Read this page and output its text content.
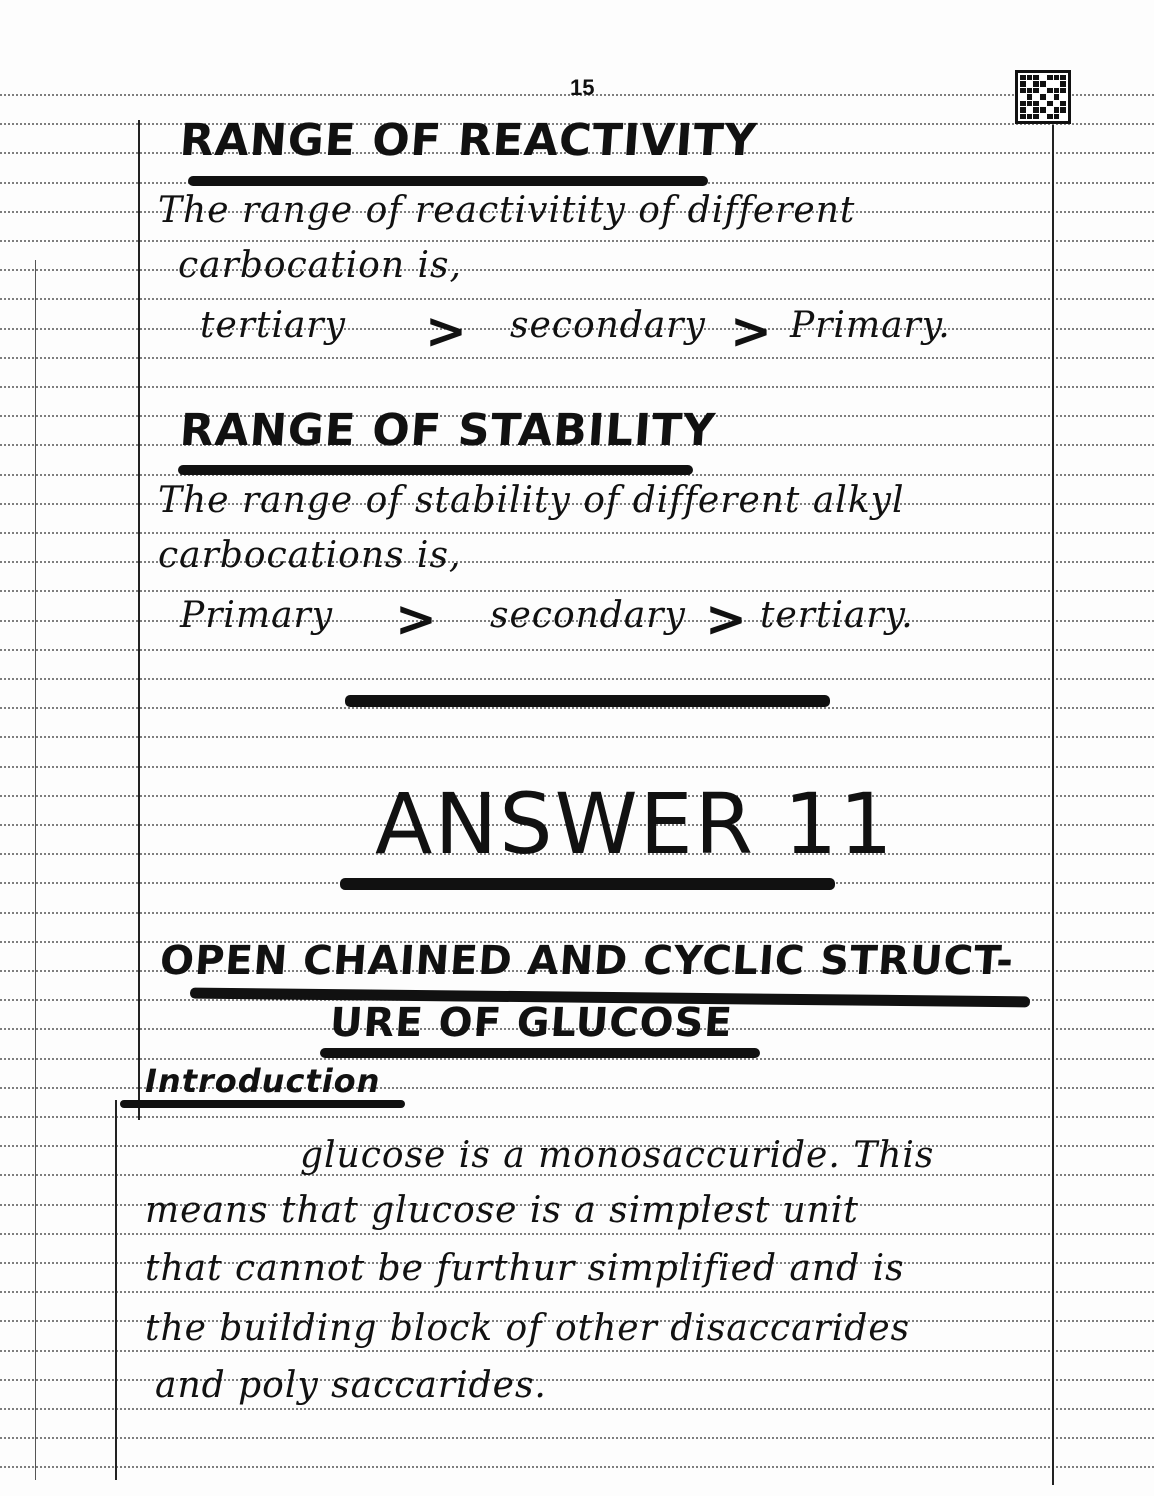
15
RANGE OF REACTIVITY
The range of reactivitity of different
carbocation is,
tertiary > secondary > Primary.
RANGE OF STABILITY
The range of stability of different alkyl
carbocations is,
Primary > secondary > tertiary.
ANSWER 11
OPEN CHAINED AND CYCLIC STRUCT-
URE OF GLUCOSE
Introduction
glucose is a monosaccuride. This
means that glucose is a simplest unit
that cannot be furthur simplified and is
the building block of other disaccarides
and poly saccarides.
